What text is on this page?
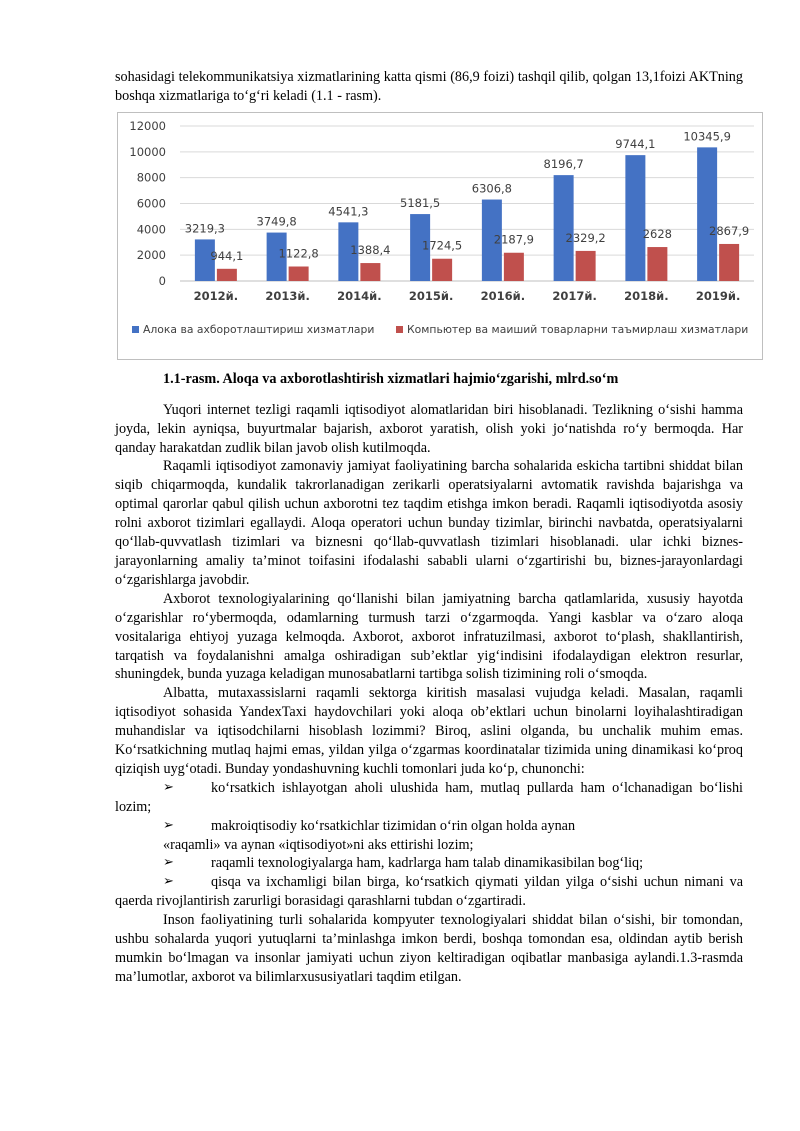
sohasidagi telekommunikatsiya xizmatlarining katta qismi (86,9 foizi) tashqil qilib, qolgan 13,1foizi AKTning boshqa xizmatlariga to‘g‘ri keladi (1.1 - rasm).

12000
10000
8000
6000
4000
2000
0
3219,3
944,1
2012й.
3749,8
1122,8
2013й.
4541,3
1388,4
2014й.
5181,5
1724,5
2015й.
6306,8
2187,9
2016й.
8196,7
2329,2
2017й.
9744,1
2628
2018й.
10345,9
2867,9
2019й.
Алока ва ахборотлаштириш хизматлари	Компьютер ва маиший товарларни таъмирлаш хизматлари

1.1-rasm. Aloqa va axborotlashtirish xizmatlari hajmio‘zgarishi, mlrd.so‘m

Yuqori internet tezligi raqamli iqtisodiyot alomatlaridan biri hisoblanadi. Tezlikning o‘sishi hamma joyda, lekin ayniqsa, buyurtmalar bajarish, axborot yaratish, olish yoki jo‘natishda ro‘y bermoqda. Har qanday harakatdan zudlik bilan javob olish kutilmoqda.

Raqamli iqtisodiyot zamonaviy jamiyat faoliyatining barcha sohalarida eskicha tartibni shiddat bilan siqib chiqarmoqda, kundalik takrorlanadigan zerikarli operatsiyalarni avtomatik ravishda bajarishga va optimal qarorlar qabul qilish uchun axborotni tez taqdim etishga imkon beradi. Raqamli iqtisodiyotda asosiy rolni axborot tizimlari egallaydi. Aloqa operatori uchun bunday tizimlar, birinchi navbatda, operatsiyalarni qo‘llab-quvvatlash tizimlari va biznesni qo‘llab-quvvatlash tizimlari hisoblanadi. ular ichki biznes-jarayonlarning amaliy ta’minot toifasini ifodalashi sababli ularni o‘zgartirishi bu, biznes-jarayonlardagi o‘zgarishlarga javobdir.

Axborot texnologiyalarining qo‘llanishi bilan jamiyatning barcha qatlamlarida, xususiy hayotda o‘zgarishlar ro‘ybermoqda, odamlarning turmush tarzi o‘zgarmoqda. Yangi kasblar va o‘zaro aloqa vositalariga ehtiyoj yuzaga kelmoqda. Axborot, axborot infratuzilmasi, axborot to‘plash, shakllantirish, tarqatish va foydalanishni amalga oshiradigan sub’ektlar yig‘indisini ifodalaydigan elektron resurlar, shuningdek, bunda yuzaga keladigan munosabatlarni tartibga solish tizimining roli o‘smoqda.

Albatta, mutaxassislarni raqamli sektorga kiritish masalasi vujudga keladi. Masalan, raqamli iqtisodiyot sohasida YandexTaxi haydovchilari yoki aloqa ob’ektlari uchun binolarni loyihalashtiradigan muhandislar va iqtisodchilarni hisoblash lozimmi? Biroq, aslini olganda, bu unchalik muhim emas. Ko‘rsatkichning mutlaq hajmi emas, yildan yilga o‘zgarmas koordinatalar tizimida uning dinamikasi ko‘proq qiziqish uyg‘otadi. Bunday yondashuvning kuchli tomonlari juda ko‘p, chunonchi:

➢	ko‘rsatkich ishlayotgan aholi ulushida ham, mutlaq pullarda ham o‘lchanadigan bo‘lishi lozim;

➢	makroiqtisodiy ko‘rsatkichlar tizimidan o‘rin olgan holda aynan

«raqamli» va aynan «iqtisodiyot»ni aks ettirishi lozim;

➢	raqamli texnologiyalarga ham, kadrlarga ham talab dinamikasibilan bog‘liq;

➢	qisqa va ixchamligi bilan birga, ko‘rsatkich qiymati yildan yilga o‘sishi uchun nimani va qaerda rivojlantirish zarurligi borasidagi qarashlarni tubdan o‘zgartiradi.

Inson faoliyatining turli sohalarida kompyuter texnologiyalari shiddat bilan o‘sishi, bir tomondan, ushbu sohalarda yuqori yutuqlarni ta’minlashga imkon berdi, boshqa tomondan esa, oldindan aytib berish mumkin bo‘lmagan va insonlar jamiyati uchun ziyon keltiradigan oqibatlar manbasiga aylandi.1.3-rasmda ma’lumotlar, axborot va bilimlarxususiyatlari taqdim etilgan.
